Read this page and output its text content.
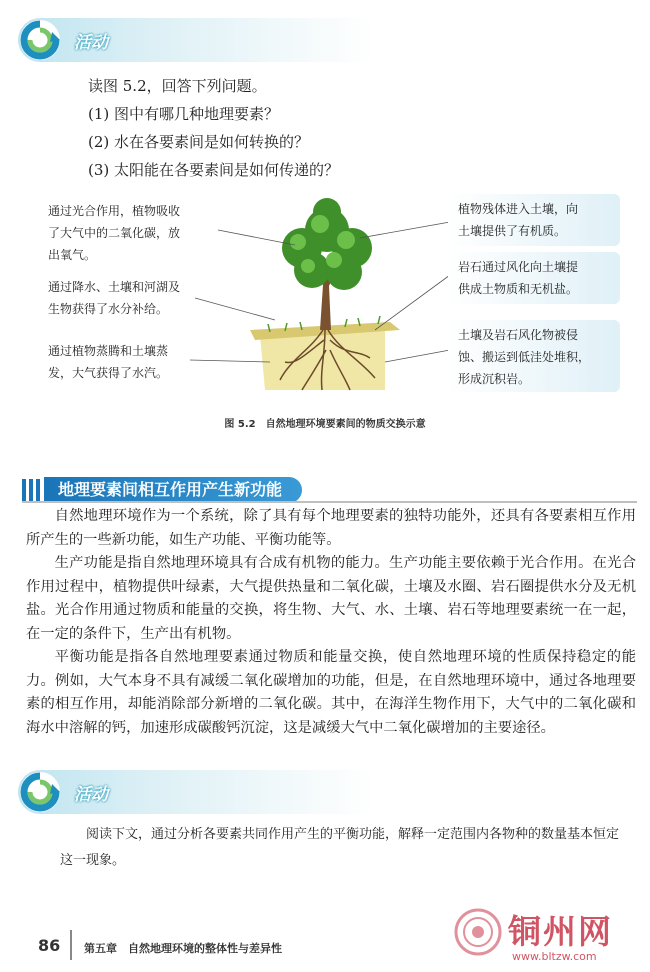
活动
读图 5.2，回答下列问题。
(1) 图中有哪几种地理要素？
(2) 水在各要素间是如何转换的？
(3) 太阳能在各要素间是如何传递的？
通过光合作用，植物吸收
了大气中的二氧化碳，放
出氧气。
通过降水、土壤和河湖及
生物获得了水分补给。
通过植物蒸腾和土壤蒸
发，大气获得了水汽。
植物残体进入土壤，向
土壤提供了有机质。
岩石通过风化向土壤提
供成土物质和无机盐。
土壤及岩石风化物被侵
蚀、搬运到低洼处堆积，
形成沉积岩。
图 5.2　自然地理环境要素间的物质交换示意
地理要素间相互作用产生新功能

自然地理环境作为一个系统，除了具有每个地理要素的独特功能外，还具有各要素相互作用所产生的一些新功能，如生产功能、平衡功能等。

生产功能是指自然地理环境具有合成有机物的能力。生产功能主要依赖于光合作用。在光合作用过程中，植物提供叶绿素，大气提供热量和二氧化碳，土壤及水圈、岩石圈提供水分及无机盐。光合作用通过物质和能量的交换，将生物、大气、水、土壤、岩石等地理要素统一在一起，在一定的条件下，生产出有机物。

平衡功能是指各自然地理要素通过物质和能量交换，使自然地理环境的性质保持稳定的能力。例如，大气本身不具有减缓二氧化碳增加的功能，但是，在自然地理环境中，通过各地理要素的相互作用，却能消除部分新增的二氧化碳。其中，在海洋生物作用下，大气中的二氧化碳和海水中溶解的钙，加速形成碳酸钙沉淀，这是减缓大气中二氧化碳增加的主要途径。

活动
阅读下文，通过分析各要素共同作用产生的平衡功能，解释一定范围内各物种的数量基本恒定这一现象。
86 第五章　自然地理环境的整体性与差异性	铜州网
www.bltzw.com
